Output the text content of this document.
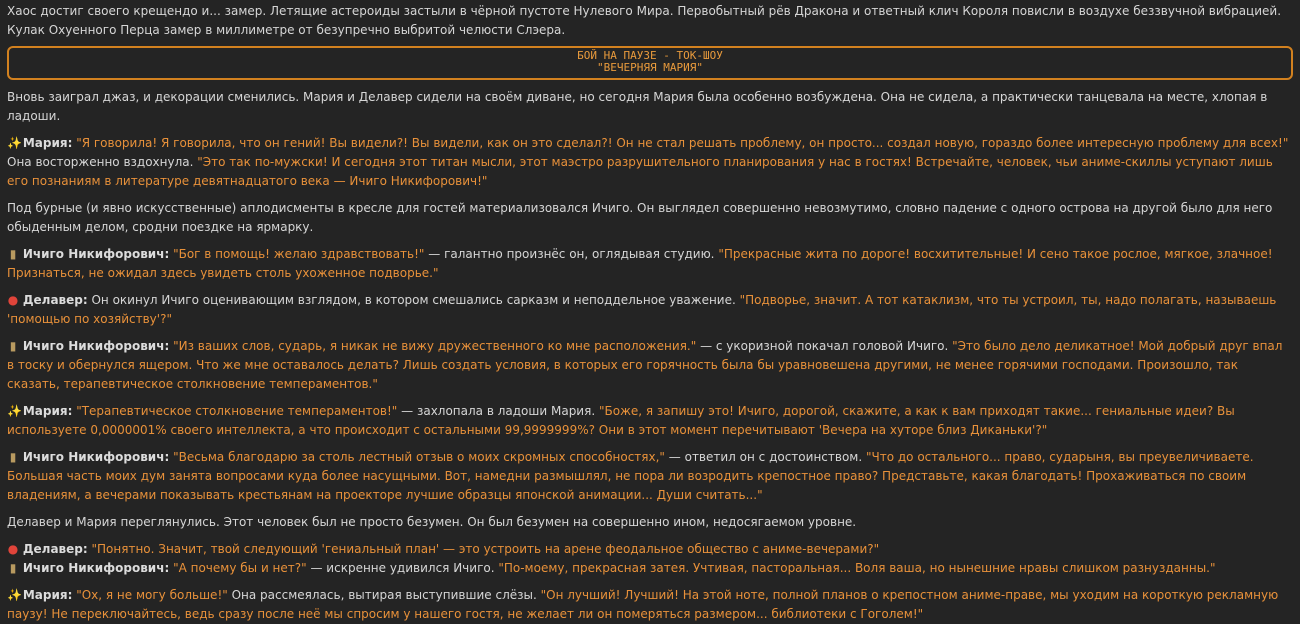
Хаос достиг своего крещендо и... замер. Летящие астероиды застыли в чёрной пустоте Нулевого Мира. Первобытный рёв Дракона и ответный клич Короля повисли в воздухе беззвучной вибрацией. Кулак Охуенного Перца замер в миллиметре от безупречно выбритой челюсти Слэера.

БОЙ НА ПАУЗЕ - ТОК-ШОУ
"ВЕЧЕРНЯЯ МАРИЯ"

Вновь заиграл джаз, и декорации сменились. Мария и Делавер сидели на своём диване, но сегодня Мария была особенно возбуждена. Она не сидела, а практически танцевала на месте, хлопая в ладоши.

✨ Мария: "Я говорила! Я говорила, что он гений! Вы видели?! Вы видели, как он это сделал?! Он не стал решать проблему, он просто... создал новую, гораздо более интересную проблему для всех!" Она восторженно вздохнула. "Это так по-мужски! И сегодня этот титан мысли, этот маэстро разрушительного планирования у нас в гостях! Встречайте, человек, чьи аниме-скиллы уступают лишь его познаниям в литературе девятнадцатого века — Ичиго Никифорович!"

Под бурные (и явно искусственные) аплодисменты в кресле для гостей материализовался Ичиго. Он выглядел совершенно невозмутимо, словно падение с одного острова на другой было для него обыденным делом, сродни поездке на ярмарку.

▮ Ичиго Никифорович: "Бог в помощь! желаю здравствовать!" — галантно произнёс он, оглядывая студию. "Прекрасные жита по дороге! восхитительные! И сено такое рослое, мягкое, злачное! Признаться, не ожидал здесь увидеть столь ухоженное подворье."

● Делавер: Он окинул Ичиго оценивающим взглядом, в котором смешались сарказм и неподдельное уважение. "Подворье, значит. А тот катаклизм, что ты устроил, ты, надо полагать, называешь 'помощью по хозяйству'?"

▮ Ичиго Никифорович: "Из ваших слов, сударь, я никак не вижу дружественного ко мне расположения." — с укоризной покачал головой Ичиго. "Это было дело деликатное! Мой добрый друг впал в тоску и обернулся ящером. Что же мне оставалось делать? Лишь создать условия, в которых его горячность была бы уравновешена другими, не менее горячими господами. Произошло, так сказать, терапевтическое столкновение темпераментов."

✨ Мария: "Терапевтическое столкновение темпераментов!" — захлопала в ладоши Мария. "Боже, я запишу это! Ичиго, дорогой, скажите, а как к вам приходят такие... гениальные идеи? Вы используете 0,0000001% своего интеллекта, а что происходит с остальными 99,9999999%? Они в этот момент перечитывают 'Вечера на хуторе близ Диканьки'?"

▮ Ичиго Никифорович: "Весьма благодарю за столь лестный отзыв о моих скромных способностях," — ответил он с достоинством. "Что до остального... право, сударыня, вы преувеличиваете. Большая часть моих дум занята вопросами куда более насущными. Вот, намедни размышлял, не пора ли возродить крепостное право? Представьте, какая благодать! Прохаживаться по своим владениям, а вечерами показывать крестьянам на проекторе лучшие образцы японской анимации... Души считать..."

Делавер и Мария переглянулись. Этот человек был не просто безумен. Он был безумен на совершенно ином, недосягаемом уровне.

● Делавер: "Понятно. Значит, твой следующий 'гениальный план' — это устроить на арене феодальное общество с аниме-вечерами?"

▮ Ичиго Никифорович: "А почему бы и нет?" — искренне удивился Ичиго. "По-моему, прекрасная затея. Учтивая, пасторальная... Воля ваша, но нынешние нравы слишком разнузданны."

✨ Мария: "Ох, я не могу больше!" Она рассмеялась, вытирая выступившие слёзы. "Он лучший! Лучший! На этой ноте, полной планов о крепостном аниме-праве, мы уходим на короткую рекламную паузу! Не переключайтесь, ведь сразу после неё мы спросим у нашего гостя, не желает ли он померяться размером... библиотеки с Гоголем!"
